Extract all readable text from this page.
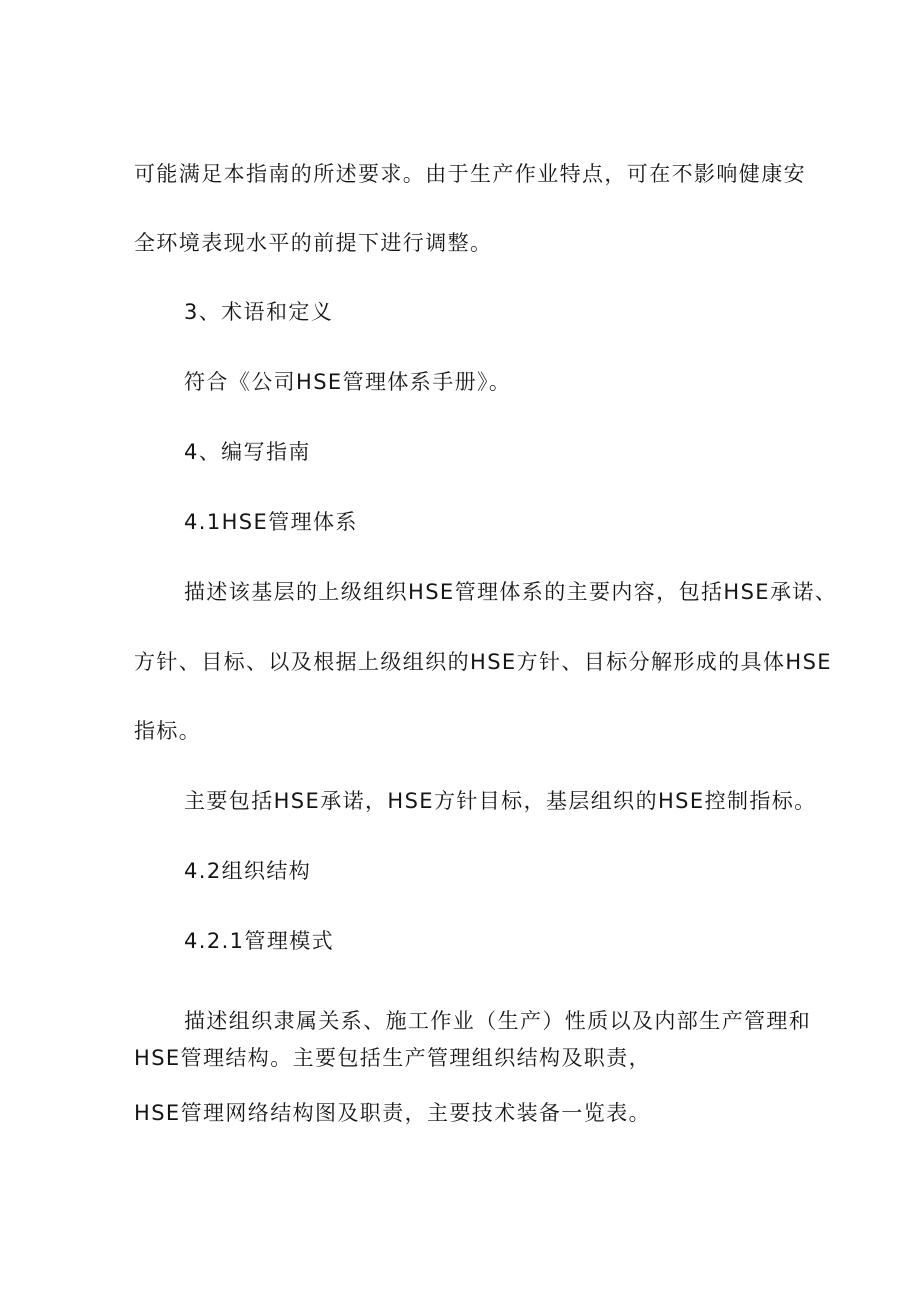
可能满足本指南的所述要求。由于生产作业特点，可在不影响健康安
全环境表现水平的前提下进行调整。
3、术语和定义
符合《公司HSE管理体系手册》。
4、编写指南
4.1HSE管理体系
描述该基层的上级组织HSE管理体系的主要内容，包括HSE承诺、
方针、目标、以及根据上级组织的HSE方针、目标分解形成的具体HSE
指标。
主要包括HSE承诺，HSE方针目标，基层组织的HSE控制指标。
4.2组织结构
4.2.1管理模式
描述组织隶属关系、施工作业（生产）性质以及内部生产管理和
HSE管理结构。主要包括生产管理组织结构及职责，
HSE管理网络结构图及职责，主要技术装备一览表。
